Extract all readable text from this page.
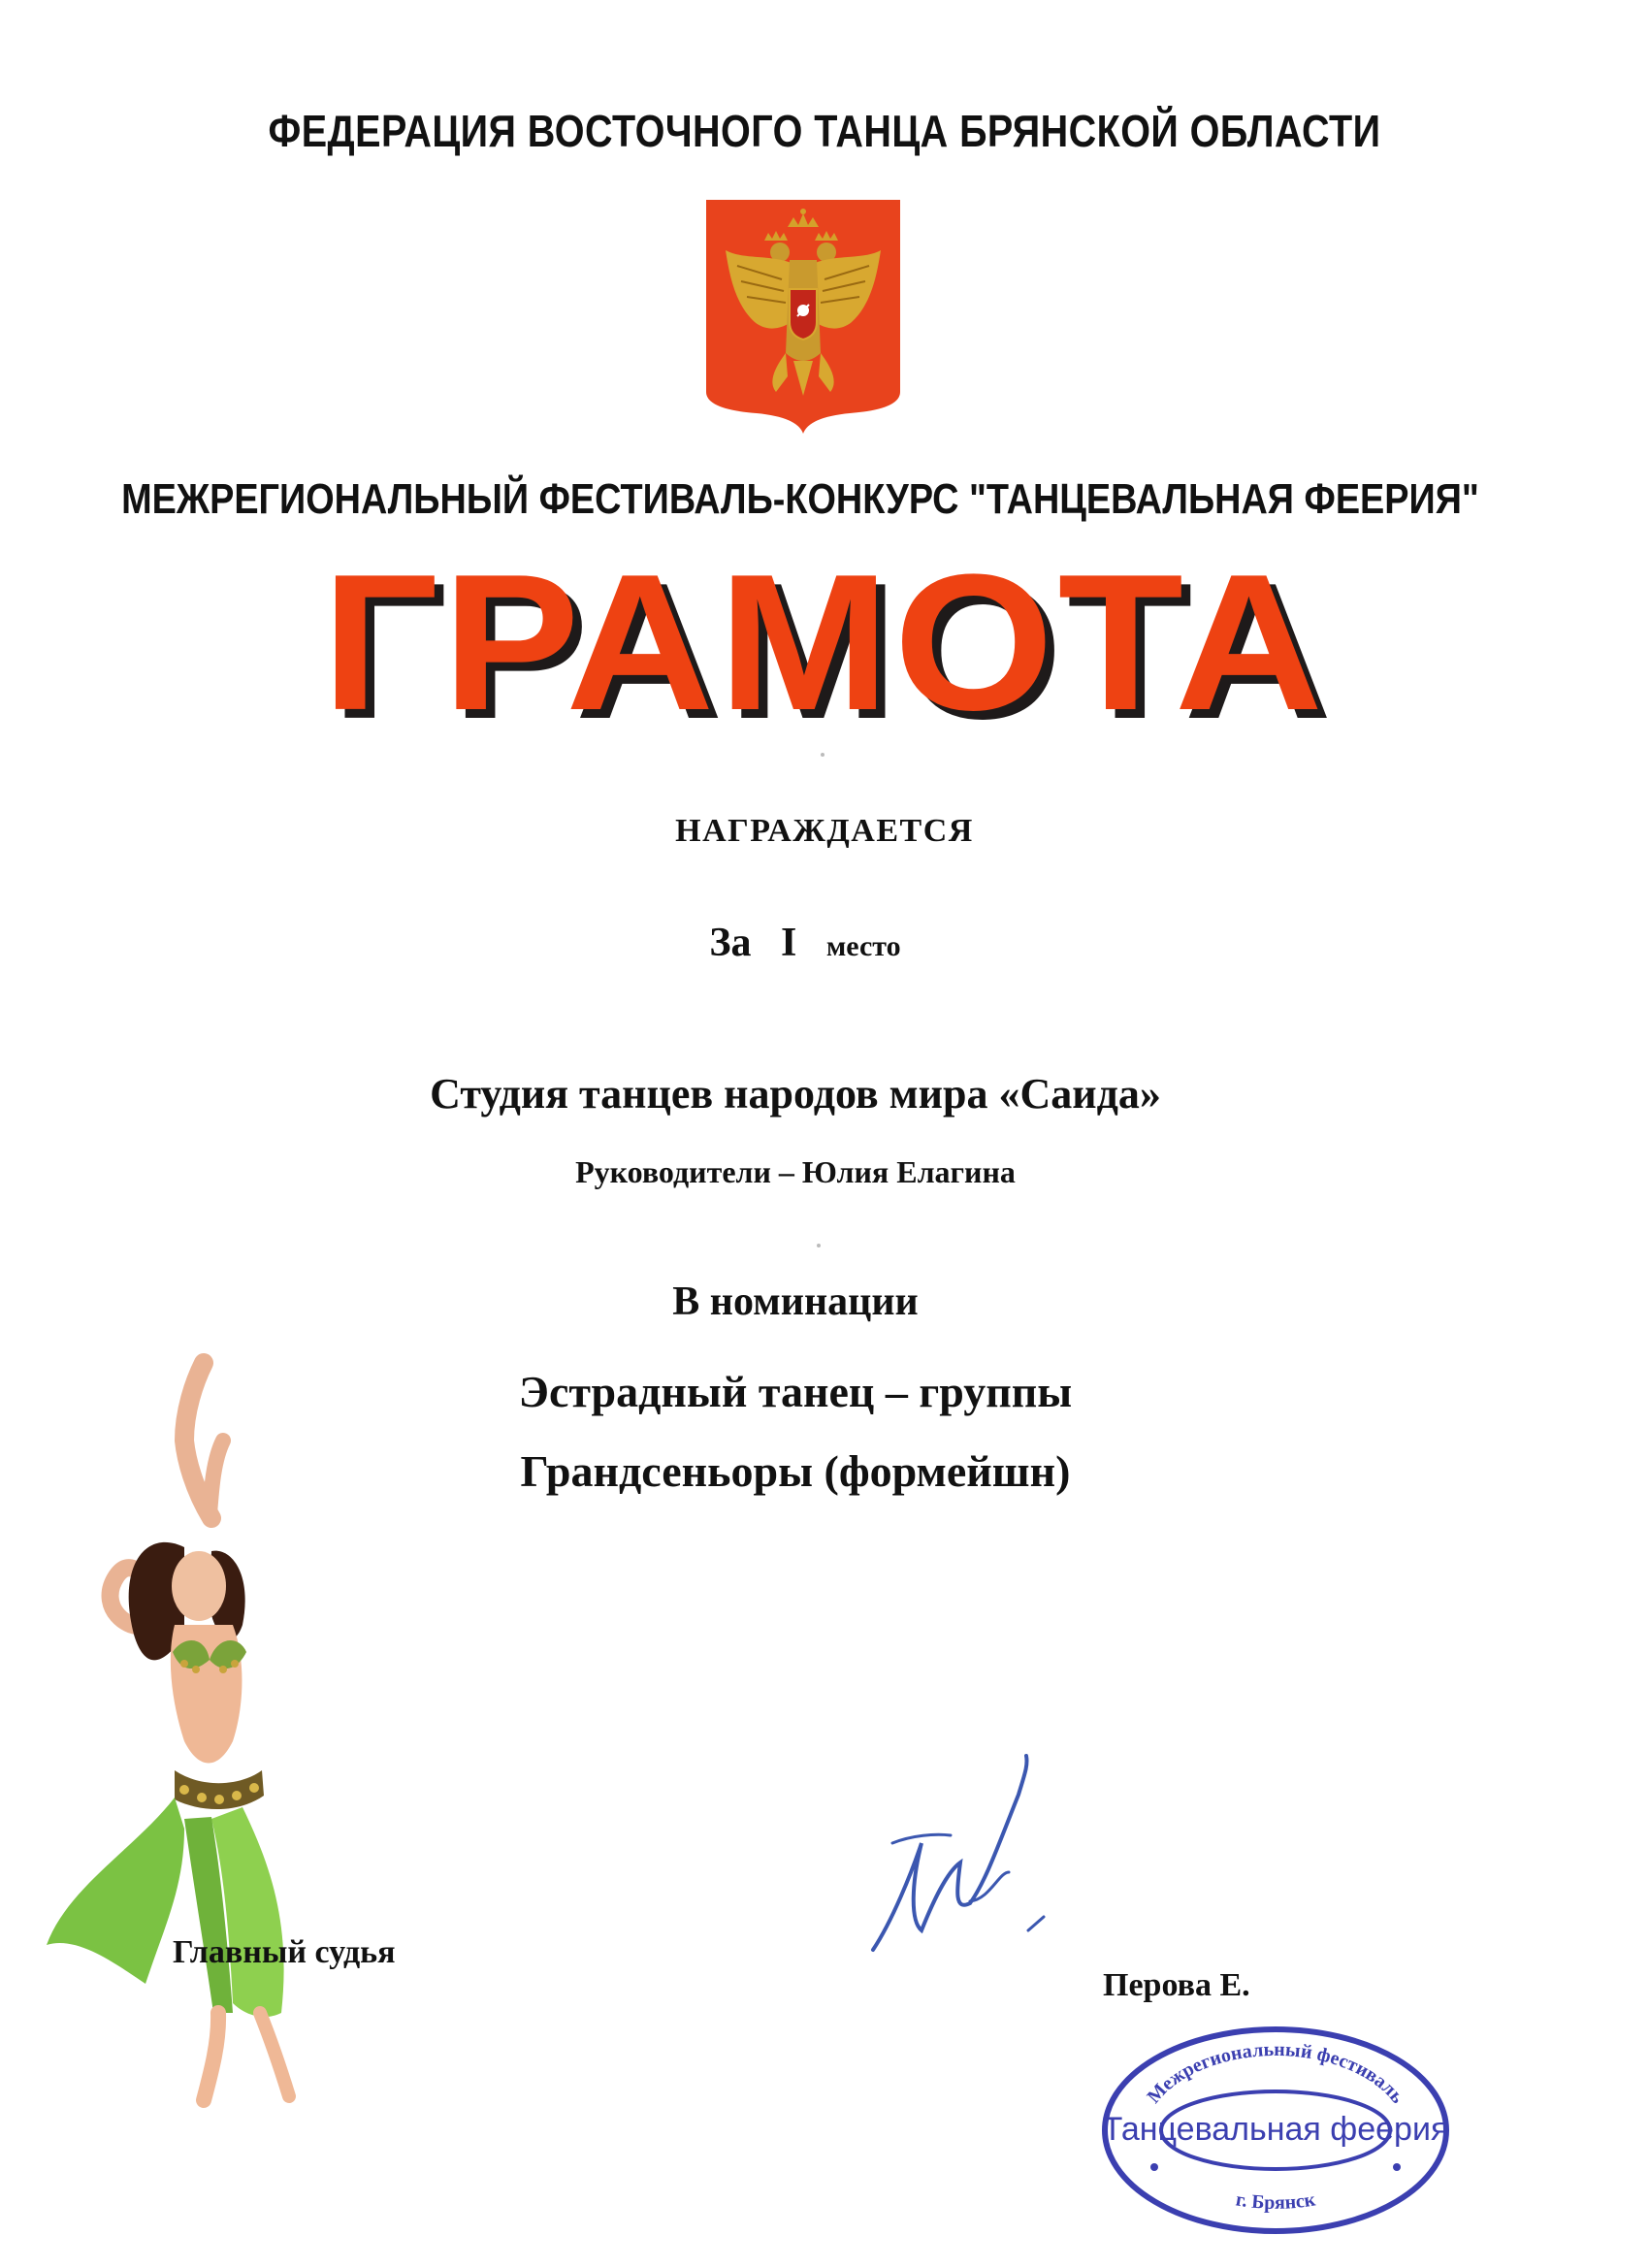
ФЕДЕРАЦИЯ ВОСТОЧНОГО ТАНЦА БРЯНСКОЙ ОБЛАСТИ
МЕЖРЕГИОНАЛЬНЫЙ ФЕСТИВАЛЬ-КОНКУРС "ТАНЦЕВАЛЬНАЯ ФЕЕРИЯ"
ГРАМОТА
НАГРАЖДАЕТСЯ
За I место
Студия танцев народов мира «Саида»
Руководители – Юлия Елагина
В номинации
Эстрадный танец – группы
Грандсеньоры (формейшн)
Главный судья
Перова Е.
Межрегиональный фестиваль
Танцевальная феерия
г. Брянск
